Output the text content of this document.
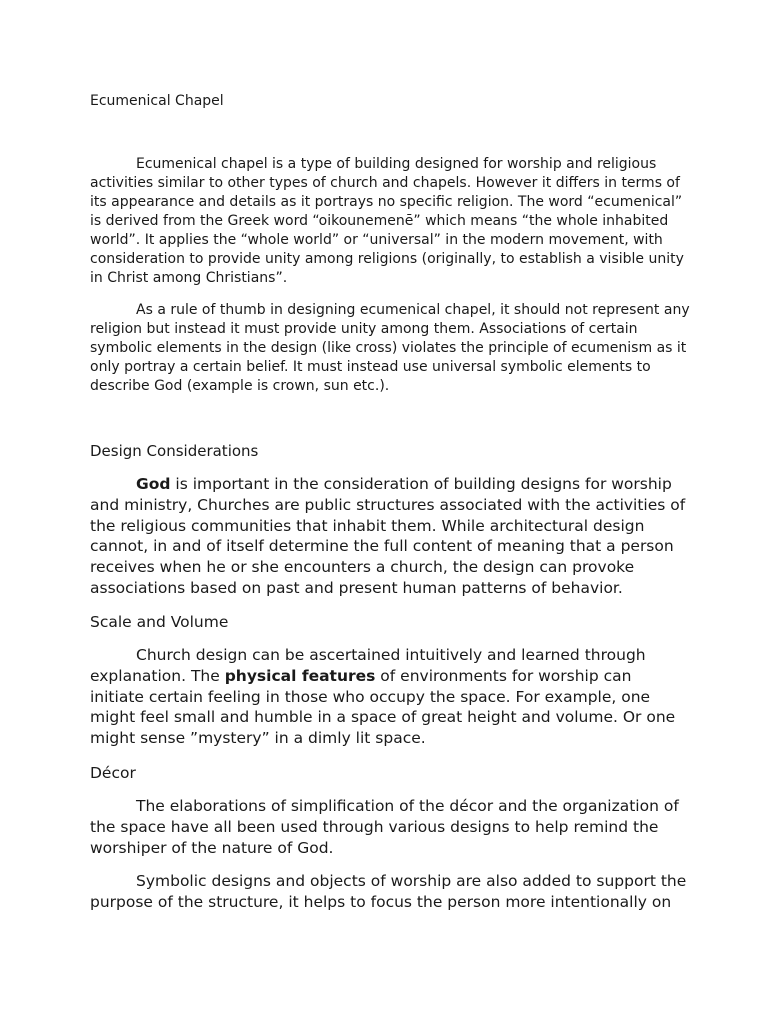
Ecumenical Chapel

Ecumenical chapel is a type of building designed for worship and religious activities similar to other types of church and chapels. However it differs in terms of its appearance and details as it portrays no specific religion. The word “ecumenical” is derived from the Greek word “oikounemenē” which means “the whole inhabited world”. It applies the “whole world” or “universal” in the modern movement, with consideration to provide unity among religions (originally, to establish a visible unity in Christ among Christians”.

As a rule of thumb in designing ecumenical chapel, it should not represent any religion but instead it must provide unity among them. Associations of certain symbolic elements in the design (like cross) violates the principle of ecumenism as it only portray a certain belief. It must instead use universal symbolic elements to describe God (example is crown, sun etc.).

Design Considerations

God is important in the consideration of building designs for worship and ministry, Churches are public structures associated with the activities of the religious communities that inhabit them. While architectural design cannot, in and of itself determine the full content of meaning that a person receives when he or she encounters a church, the design can provoke associations based on past and present human patterns of behavior.

Scale and Volume

Church design can be ascertained intuitively and learned through explanation. The physical features of environments for worship can initiate certain feeling in those who occupy the space. For example, one might feel small and humble in a space of great height and volume. Or one might sense ”mystery” in a dimly lit space.

Décor

The elaborations of simplification of the décor and the organization of the space have all been used through various designs to help remind the worshiper of the nature of God.

Symbolic designs and objects of worship are also added to support the purpose of the structure, it helps to focus the person more intentionally on
